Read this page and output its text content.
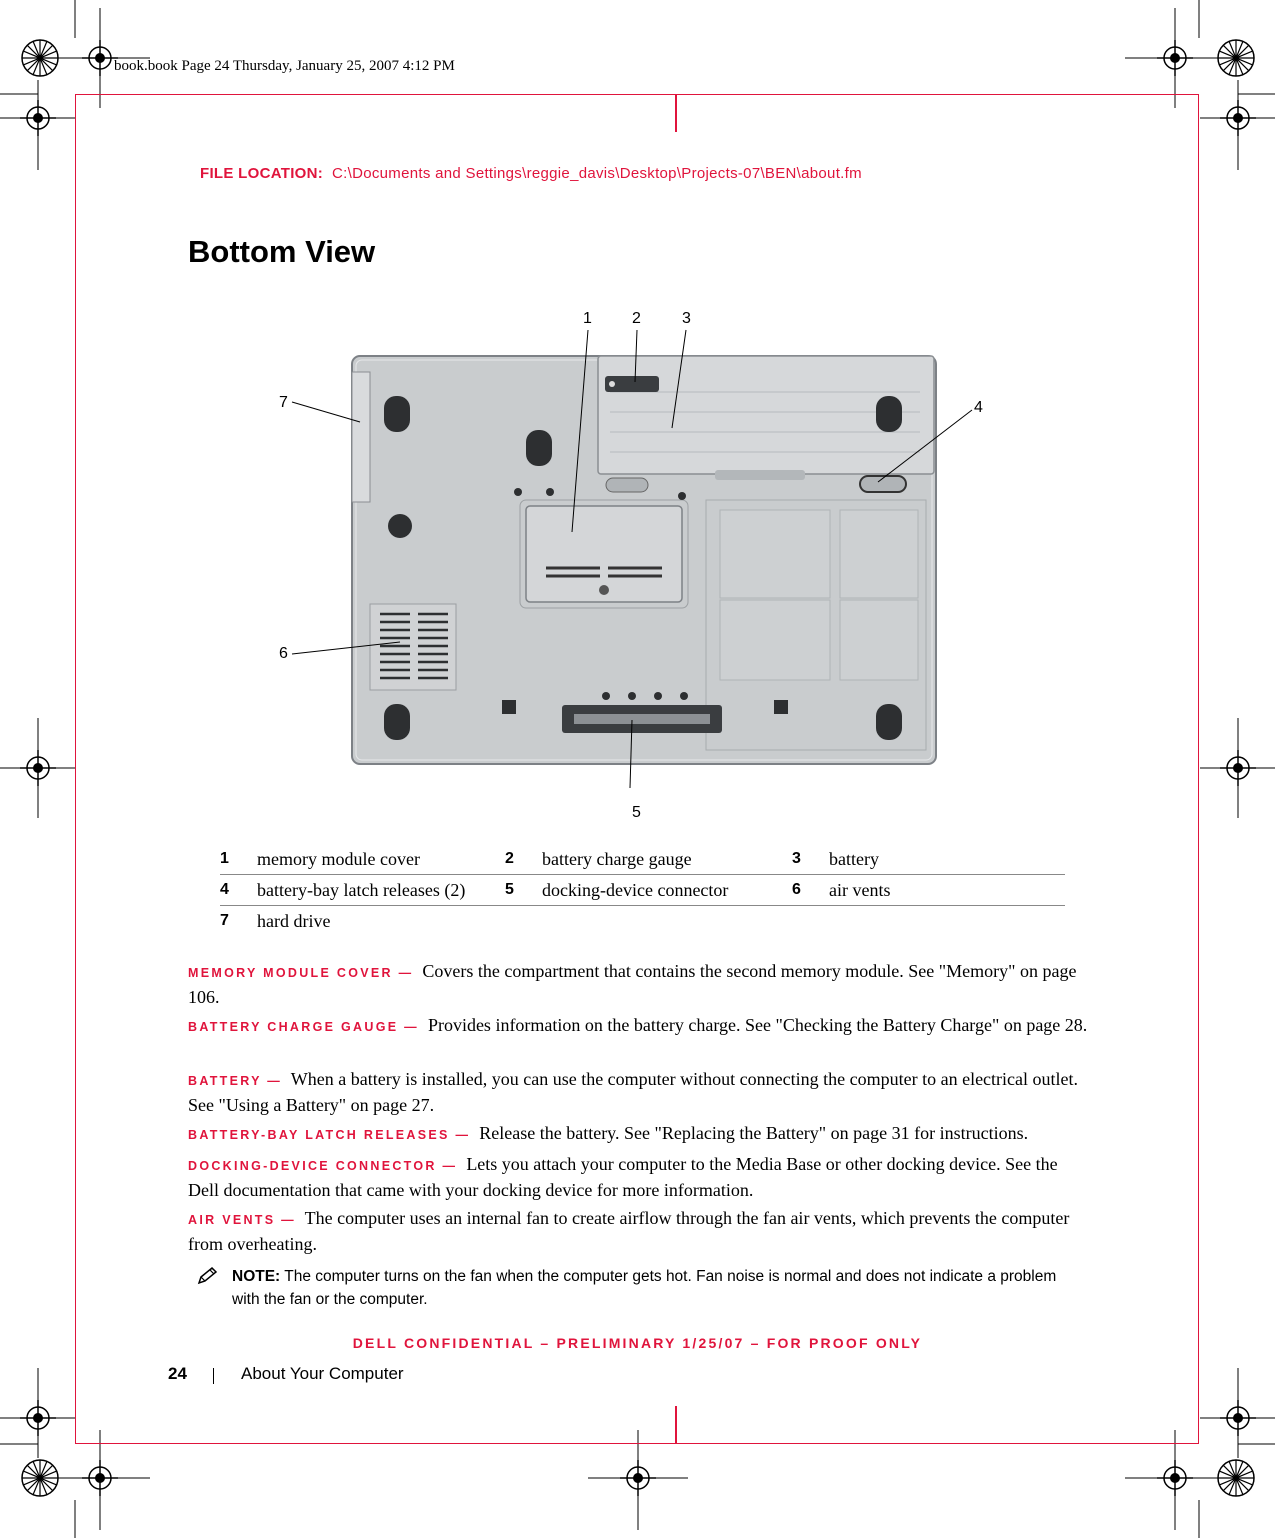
book.book Page 24 Thursday, January 25, 2007 4:12 PM
FILE LOCATION: C:\Documents and Settings\reggie_davis\Desktop\Projects-07\BEN\about.fm
Bottom View
1	2	3
4
5
6
7
1	memory module cover	2	battery charge gauge	3	battery
4	battery-bay latch releases (2)	5	docking-device connector	6	air vents
7	hard drive				
MEMORY MODULE COVER — Covers the compartment that contains the second memory module. See "Memory" on page 106.
BATTERY CHARGE GAUGE — Provides information on the battery charge. See "Checking the Battery Charge" on page 28.
BATTERY — When a battery is installed, you can use the computer without connecting the computer to an electrical outlet. See "Using a Battery" on page 27.
BATTERY-BAY LATCH RELEASES — Release the battery. See "Replacing the Battery" on page 31 for instructions.
DOCKING-DEVICE CONNECTOR — Lets you attach your computer to the Media Base or other docking device. See the Dell documentation that came with your docking device for more information.
AIR VENTS — The computer uses an internal fan to create airflow through the fan air vents, which prevents the computer from overheating.
NOTE: The computer turns on the fan when the computer gets hot. Fan noise is normal and does not indicate a problem with the fan or the computer.
DELL CONFIDENTIAL – PRELIMINARY 1/25/07 – FOR PROOF ONLY
24	About Your Computer
